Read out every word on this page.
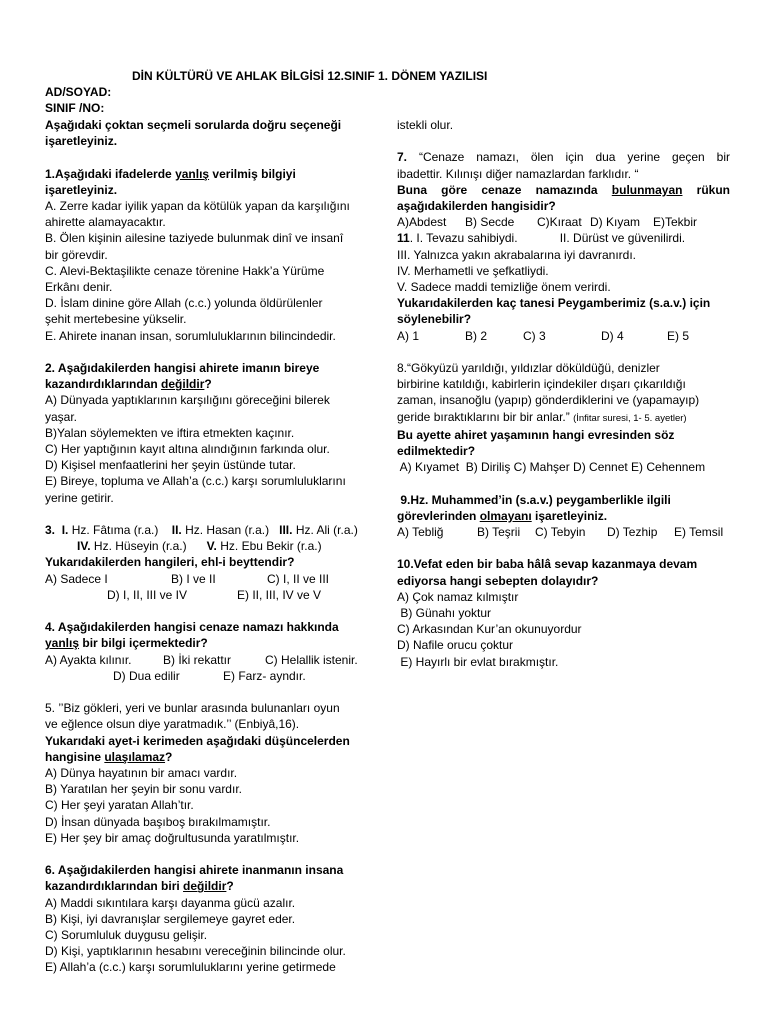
DİN KÜLTÜRÜ VE AHLAK BİLGİSİ 12.SINIF 1. DÖNEM YAZILISI

AD/SOYAD:

SINIF /NO:

Aşağıdaki çoktan seçmeli sorularda doğru seçeneği işaretleyiniz.

1.Aşağıdaki ifadelerde yanlış verilmiş bilgiyi işaretleyiniz.

A. Zerre kadar iyilik yapan da kötülük yapan da karşılığını

ahirette alamayacaktır.

B. Ölen kişinin ailesine taziyede bulunmak dinî ve insanî

bir görevdir.

C. Alevi-Bektaşilikte cenaze törenine Hakk’a Yürüme

Erkânı denir.

D. İslam dinine göre Allah (c.c.) yolunda öldürülenler

şehit mertebesine yükselir.

E. Ahirete inanan insan, sorumluluklarının bilincindedir.

2. Aşağıdakilerden hangisi ahirete imanın bireye

kazandırdıklarından değildir?

A) Dünyada yaptıklarının karşılığını göreceğini bilerek

yaşar.

B)Yalan söylemekten ve iftira etmekten kaçınır.

C) Her yaptığının kayıt altına alındığının farkında olur.

D) Kişisel menfaatlerini her şeyin üstünde tutar.

E) Bireye, topluma ve Allah’a (c.c.) karşı sorumluluklarını

yerine getirir.

3. I. Hz. Fâtıma (r.a.) II. Hz. Hasan (r.a.) III. Hz. Ali (r.a.)

IV. Hz. Hüseyin (r.a.) V. Hz. Ebu Bekir (r.a.)

Yukarıdakilerden hangileri, ehl-i beyttendir?

A) Sadece I	B) I ve II	C) I, II ve III

D) I, II, III ve IV	E) II, III, IV ve V

4. Aşağıdakilerden hangisi cenaze namazı hakkında

yanlış bir bilgi içermektedir?

A) Ayakta kılınır.	B) İki rekattır	C) Helallik istenir.

D) Dua edilir	E) Farz- ayndır.

5. ’’Biz gökleri, yeri ve bunlar arasında bulunanları oyun

ve eğlence olsun diye yaratmadık.’’ (Enbiyâ,16).

Yukarıdaki ayet-i kerimeden aşağıdaki düşüncelerden

hangisine ulaşılamaz?

A) Dünya hayatının bir amacı vardır.

B) Yaratılan her şeyin bir sonu vardır.

C) Her şeyi yaratan Allah’tır.

D) İnsan dünyada başıboş bırakılmamıştır.

E) Her şey bir amaç doğrultusunda yaratılmıştır.

6. Aşağıdakilerden hangisi ahirete inanmanın insana

kazandırdıklarından biri değildir?

A) Maddi sıkıntılara karşı dayanma gücü azalır.

B) Kişi, iyi davranışlar sergilemeye gayret eder.

C) Sorumluluk duygusu gelişir.

D) Kişi, yaptıklarının hesabını vereceğinin bilincinde olur.

E) Allah’a (c.c.) karşı sorumluluklarını yerine getirmede

istekli olur.

7. “Cenaze namazı, ölen için dua yerine geçen bir

ibadettir. Kılınışı diğer namazlardan farklıdır. “

Buna göre cenaze namazında bulunmayan rükun

aşağıdakilerden hangisidir?

A)Abdest B) Secde C)Kıraat D) Kıyam E)Tekbir

11. I. Tevazu sahibiydi.	II. Dürüst ve güvenilirdi.

III. Yalnızca yakın akrabalarına iyi davranırdı.

IV. Merhametli ve şefkatliydi.

V. Sadece maddi temizliğe önem verirdi.

Yukarıdakilerden kaç tanesi Peygamberimiz (s.a.v.) için

söylenebilir?

A) 1	B) 2	C) 3	D) 4	E) 5

8.“Gökyüzü yarıldığı, yıldızlar döküldüğü, denizler

birbirine katıldığı, kabirlerin içindekiler dışarı çıkarıldığı

zaman, insanoğlu (yapıp) gönderdiklerini ve (yapamayıp)

geride bıraktıklarını bir bir anlar.” (İnfitar suresi, 1- 5. ayetler)

Bu ayette ahiret yaşamının hangi evresinden söz

edilmektedir?

A) Kıyamet  B) Diriliş C) Mahşer D) Cennet E) Cehennem

9.Hz. Muhammed’in (s.a.v.) peygamberlikle ilgili

görevlerinden olmayanı işaretleyiniz.

A) Tebliğ	B) Teşrii C) Tebyin D) Tezhip E) Temsil

10.Vefat eden bir baba hâlâ sevap kazanmaya devam

ediyorsa hangi sebepten dolayıdır?

A) Çok namaz kılmıştır

B) Günahı yoktur

C) Arkasından Kur’an okunuyordur

D) Nafile orucu çoktur

E) Hayırlı bir evlat bırakmıştır.
